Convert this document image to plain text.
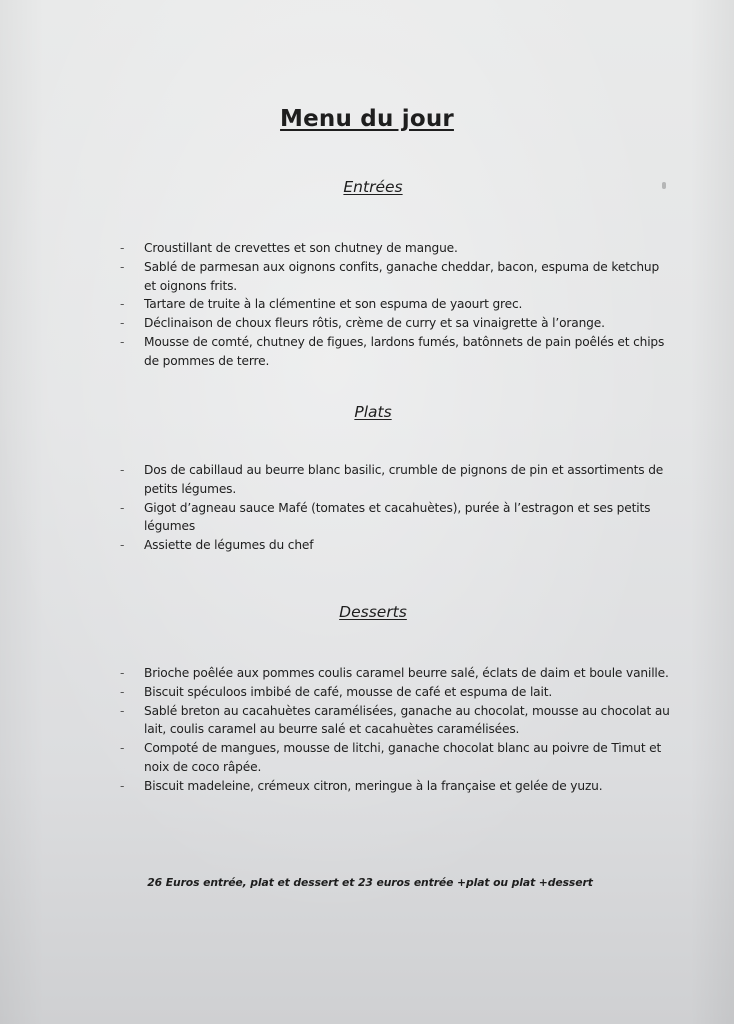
Menu du jour
Entrées
- Croustillant de crevettes et son chutney de mangue.
- Sablé de parmesan aux oignons confits, ganache cheddar, bacon, espuma de ketchup et oignons frits.
- Tartare de truite à la clémentine et son espuma de yaourt grec.
- Déclinaison de choux fleurs rôtis, crème de curry et sa vinaigrette à l’orange.
- Mousse de comté, chutney de figues, lardons fumés, batônnets de pain poêlés et chips de pommes de terre.
Plats
- Dos de cabillaud au beurre blanc basilic, crumble de pignons de pin et assortiments de petits légumes.
- Gigot d’agneau sauce Mafé (tomates et cacahuètes), purée à l’estragon et ses petits légumes
- Assiette de légumes du chef
Desserts
- Brioche poêlée aux pommes coulis caramel beurre salé, éclats de daim et boule vanille.
- Biscuit spéculoos imbibé de café, mousse de café et espuma de lait.
- Sablé breton au cacahuètes caramélisées, ganache au chocolat, mousse au chocolat au lait, coulis caramel au beurre salé et cacahuètes caramélisées.
- Compoté de mangues, mousse de litchi, ganache chocolat blanc au poivre de Timut et noix de coco râpée.
- Biscuit madeleine, crémeux citron, meringue à la française et gelée de yuzu.
26 Euros entrée, plat et dessert et 23 euros entrée +plat ou plat +dessert
